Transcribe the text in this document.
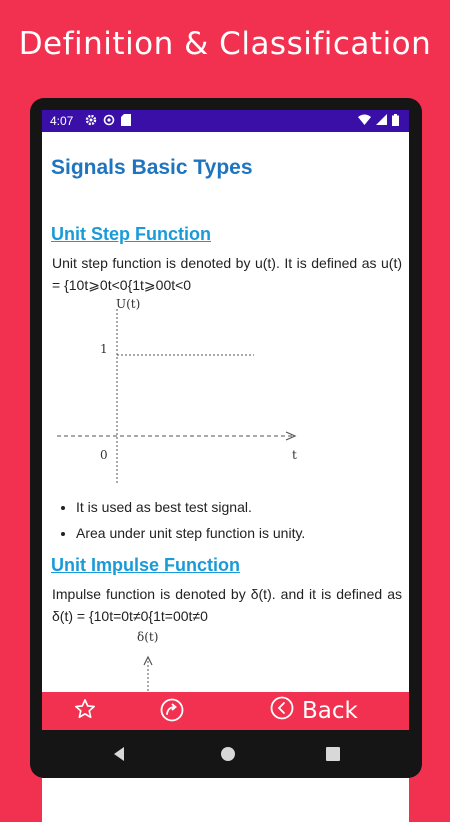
Definition & Classification
4:07
Signals Basic Types
Unit Step Function
Unit step function is denoted by u(t). It is defined as u(t) = {10t⩾0t<0{1t⩾00t<0
U(t)
1
0	t
• It is used as best test signal.
• Area under unit step function is unity.
Unit Impulse Function
Impulse function is denoted by δ(t). and it is defined as δ(t) = {10t=0t≠0{1t=00t≠0
δ(t)
Back
